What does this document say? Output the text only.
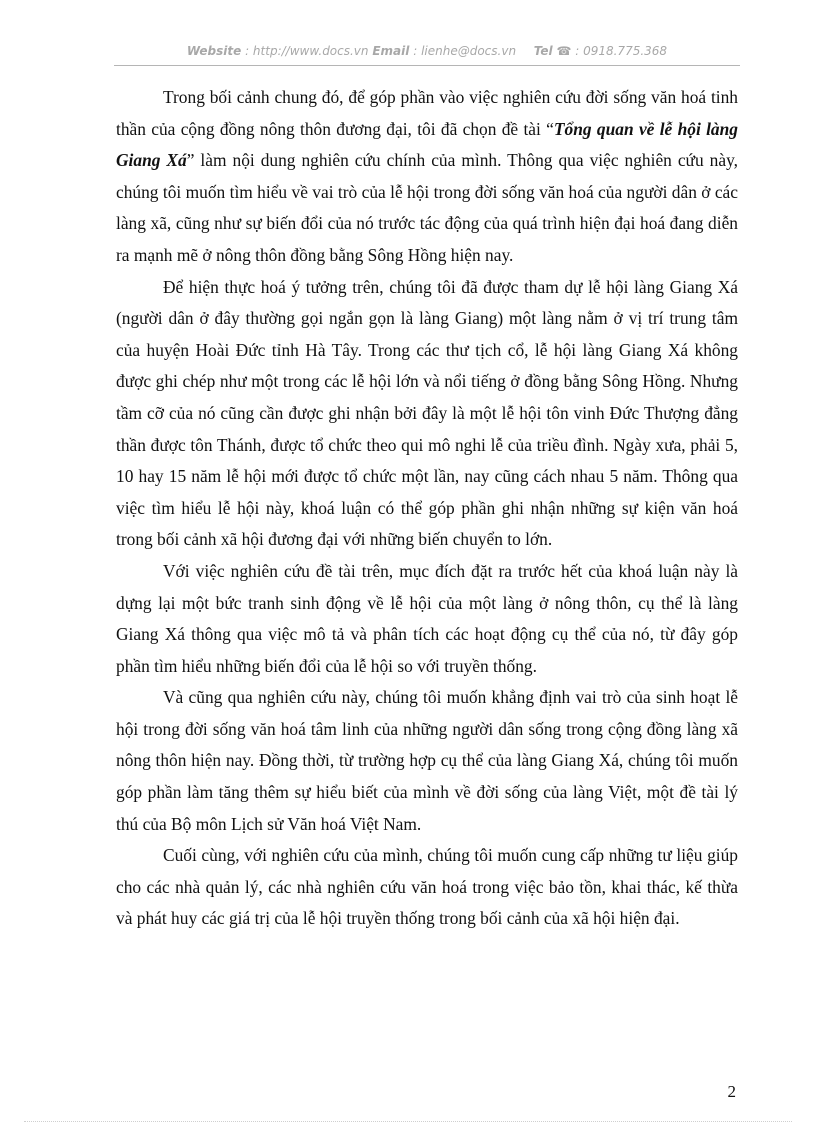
Website : http://www.docs.vn Email : lienhe@docs.vn Tel ☎ : 0918.775.368

Trong bối cảnh chung đó, để góp phần vào việc nghiên cứu đời sống văn hoá tinh thần của cộng đồng nông thôn đương đại, tôi đã chọn đề tài “Tổng quan về lễ hội làng Giang Xá” làm nội dung nghiên cứu chính của mình. Thông qua việc nghiên cứu này, chúng tôi muốn tìm hiểu về vai trò của lễ hội trong đời sống văn hoá của người dân ở các làng xã, cũng như sự biến đổi của nó trước tác động của quá trình hiện đại hoá đang diễn ra mạnh mẽ ở nông thôn đồng bằng Sông Hồng hiện nay.

Để hiện thực hoá ý tưởng trên, chúng tôi đã được tham dự lễ hội làng Giang Xá (người dân ở đây thường gọi ngắn gọn là làng Giang) một làng nằm ở vị trí trung tâm của huyện Hoài Đức tỉnh Hà Tây. Trong các thư tịch cổ, lễ hội làng Giang Xá không được ghi chép như một trong các lễ hội lớn và nổi tiếng ở đồng bằng Sông Hồng. Nhưng tầm cỡ của nó cũng cần được ghi nhận bởi đây là một lễ hội tôn vinh Đức Thượng đẳng thần được tôn Thánh, được tổ chức theo qui mô nghi lễ của triều đình. Ngày xưa, phải 5, 10 hay 15 năm lễ hội mới được tổ chức một lần, nay cũng cách nhau 5 năm. Thông qua việc tìm hiểu lễ hội này, khoá luận có thể góp phần ghi nhận những sự kiện văn hoá trong bối cảnh xã hội đương đại với những biến chuyển to lớn.

Với việc nghiên cứu đề tài trên, mục đích đặt ra trước hết của khoá luận này là dựng lại một bức tranh sinh động về lễ hội của một làng ở nông thôn, cụ thể là làng Giang Xá thông qua việc mô tả và phân tích các hoạt động cụ thể của nó, từ đây góp phần tìm hiểu những biến đổi của lễ hội so với truyền thống.

Và cũng qua nghiên cứu này, chúng tôi muốn khẳng định vai trò của sinh hoạt lễ hội trong đời sống văn hoá tâm linh của những người dân sống trong cộng đồng làng xã nông thôn hiện nay. Đồng thời, từ trường hợp cụ thể của làng Giang Xá, chúng tôi muốn góp phần làm tăng thêm sự hiểu biết của mình về đời sống của làng Việt, một đề tài lý thú của Bộ môn Lịch sử Văn hoá Việt Nam.

Cuối cùng, với nghiên cứu của mình, chúng tôi muốn cung cấp những tư liệu giúp cho các nhà quản lý, các nhà nghiên cứu văn hoá trong việc bảo tồn, khai thác, kế thừa và phát huy các giá trị của lễ hội truyền thống trong bối cảnh của xã hội hiện đại.

2
